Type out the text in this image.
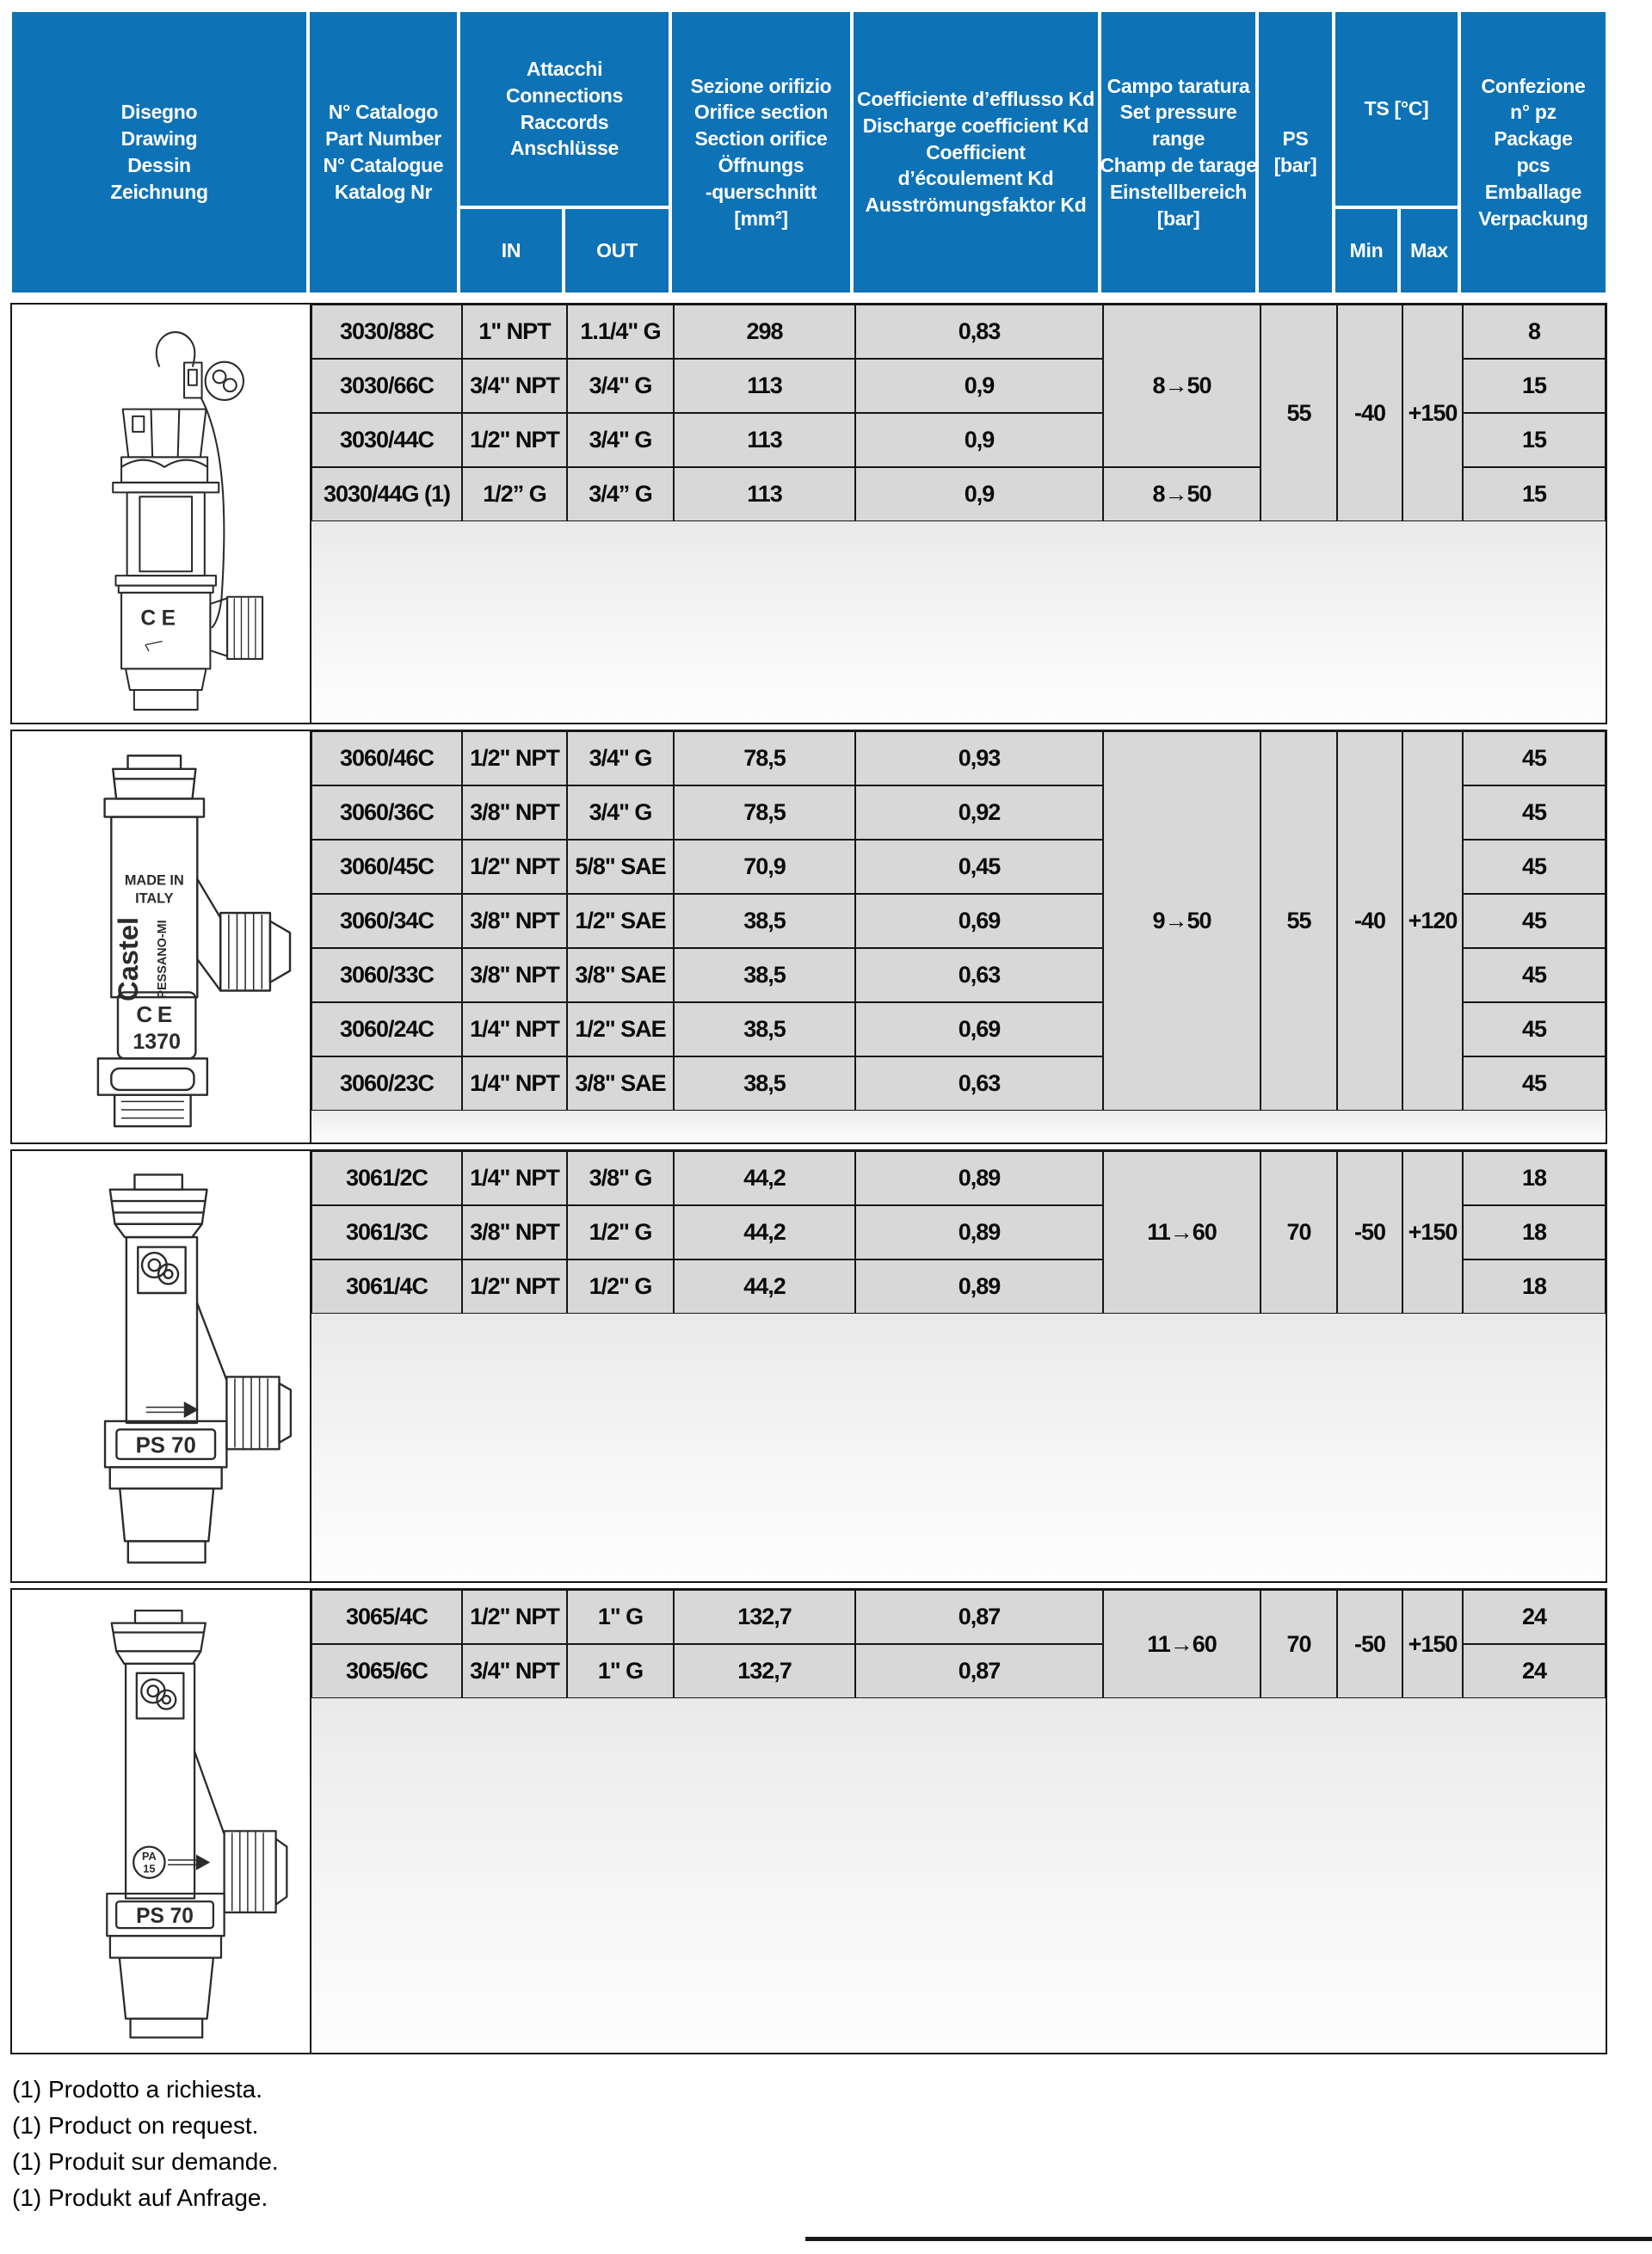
Disegno
Drawing
Dessin
Zeichnung
N° Catalogo
Part Number
N° Catalogue
Katalog Nr
Attacchi
Connections
Raccords
Anschlüsse
IN	OUT
Sezione orifizio
Orifice section
Section orifice
Öffnungs
-querschnitt
[mm²]
Coefficiente d’efflusso Kd
Discharge coefficient Kd
Coefficient
d’écoulement Kd
Ausströmungsfaktor Kd
Campo taratura
Set pressure
range
Champ de tarage
Einstellbereich
[bar]
PS
[bar]
TS [°C]
Min Max
Confezione
n° pz
Package
pcs
Emballage
Verpackung
CE
3030/88C	1" NPT	1.1/4" G	298	0,83	8
3030/66C	3/4" NPT	3/4" G	113	0,9	15
3030/44C	1/2" NPT	3/4" G	113	0,9	15
3030/44G (1)	1/2” G	3/4” G	113	0,9	15
8→50
8→50
55	-40 +150
MADE IN
ITALY
Castel PESSANO-MI
CE
1370
3060/46C	1/2" NPT	3/4" G	78,5	0,93	45
3060/36C	3/8" NPT	3/4" G	78,5	0,92	45
3060/45C	1/2" NPT 5/8" SAE	70,9	0,45	45
3060/34C	3/8" NPT 1/2" SAE	38,5	0,69	45
3060/33C	3/8" NPT 3/8" SAE	38,5	0,63	45
3060/24C	1/4" NPT 1/2" SAE	38,5	0,69	45
3060/23C	1/4" NPT 3/8" SAE	38,5	0,63	45
9→50	55	-40 +120
PS 70
3061/2C	1/4" NPT	3/8" G	44,2	0,89	18
3061/3C	3/8" NPT	1/2" G	44,2	0,89	18
3061/4C	1/2" NPT	1/2" G	44,2	0,89	18
11→60	70	-50 +150
PA
15
PS 70
3065/4C	1/2" NPT	1" G	132,7	0,87	24
3065/6C	3/4" NPT	1" G	132,7	0,87	24
11→60	70	-50 +150
(1) Prodotto a richiesta.
(1) Product on request.
(1) Produit sur demande.
(1) Produkt auf Anfrage.
